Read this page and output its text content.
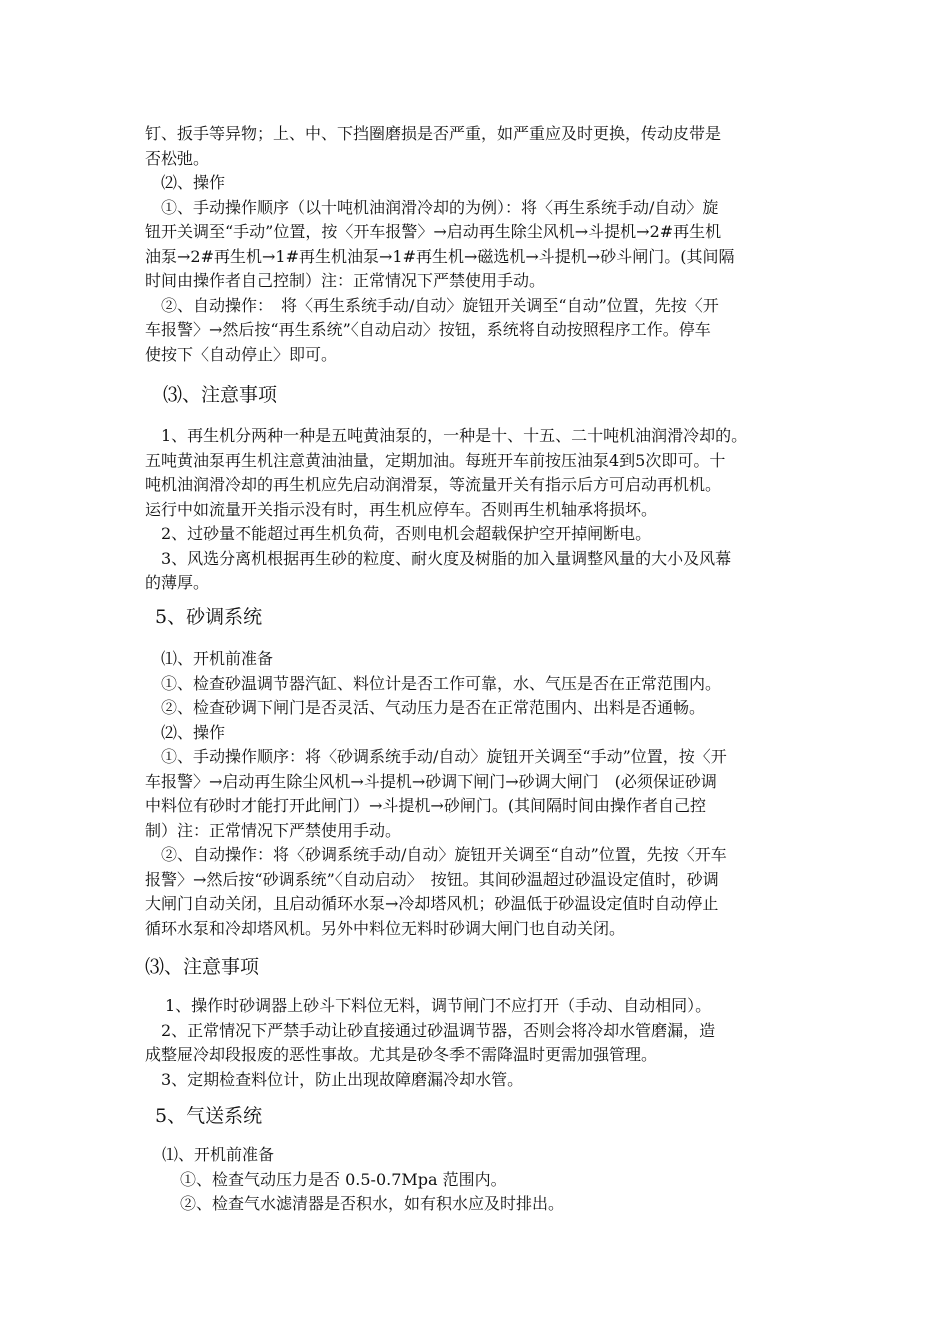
钉、扳手等异物；上、中、下挡圈磨损是否严重，如严重应及时更换，传动皮带是
否松弛。
⑵、操作
①、手动操作顺序（以十吨机油润滑冷却的为例）：将〈再生系统手动/自动〉旋
钮开关调至“手动”位置，按〈开车报警〉→启动再生除尘风机→斗提机→2#再生机
油泵→2#再生机→1#再生机油泵→1#再生机→磁选机→斗提机→砂斗闸门。(其间隔
时间由操作者自己控制）注：正常情况下严禁使用手动。
②、自动操作：　将〈再生系统手动/自动〉旋钮开关调至“自动”位置，先按〈开
车报警〉→然后按“再生系统”〈自动启动〉按钮，系统将自动按照程序工作。停车
使按下〈自动停止〉即可。
⑶、注意事项
1、再生机分两种一种是五吨黄油泵的，一种是十、十五、二十吨机油润滑冷却的。
五吨黄油泵再生机注意黄油油量，定期加油。每班开车前按压油泵4到5次即可。十
吨机油润滑冷却的再生机应先启动润滑泵，等流量开关有指示后方可启动再机机。
运行中如流量开关指示没有时，再生机应停车。否则再生机轴承将损坏。
2、过砂量不能超过再生机负荷，否则电机会超载保护空开掉闸断电。
3、风选分离机根据再生砂的粒度、耐火度及树脂的加入量调整风量的大小及风幕
的薄厚。
5、砂调系统
⑴、开机前准备
①、检查砂温调节器汽缸、料位计是否工作可靠，水、气压是否在正常范围内。
②、检查砂调下闸门是否灵活、气动压力是否在正常范围内、出料是否通畅。
⑵、操作
①、手动操作顺序：将〈砂调系统手动/自动〉旋钮开关调至“手动”位置，按〈开
车报警〉→启动再生除尘风机→斗提机→砂调下闸门→砂调大闸门　(必须保证砂调
中料位有砂时才能打开此闸门）→斗提机→砂闸门。(其间隔时间由操作者自己控
制）注：正常情况下严禁使用手动。
②、自动操作：将〈砂调系统手动/自动〉旋钮开关调至“自动”位置，先按〈开车
报警〉→然后按“砂调系统”〈自动启动〉　按钮。其间砂温超过砂温设定值时，砂调
大闸门自动关闭，且启动循环水泵→冷却塔风机；砂温低于砂温设定值时自动停止
循环水泵和冷却塔风机。另外中料位无料时砂调大闸门也自动关闭。
⑶、注意事项
1、操作时砂调器上砂斗下料位无料，调节闸门不应打开（手动、自动相同）。
2、正常情况下严禁手动让砂直接通过砂温调节器，否则会将冷却水管磨漏，造
成整屉冷却段报废的恶性事故。尤其是砂冬季不需降温时更需加强管理。
3、定期检查料位计，防止出现故障磨漏冷却水管。
5、气送系统
⑴、开机前准备
①、检查气动压力是否 0.5-0.7Mpa 范围内。
②、检查气水滤清器是否积水，如有积水应及时排出。
